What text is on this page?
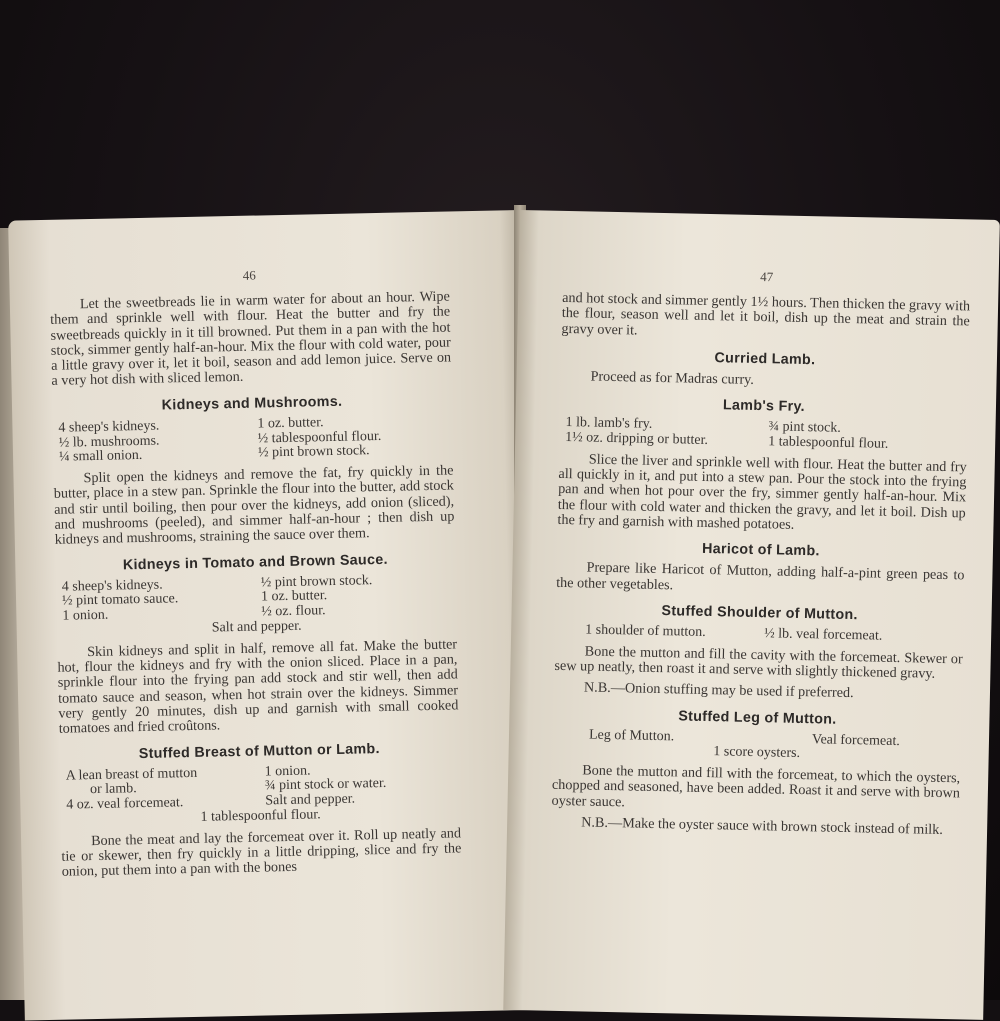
46

Let the sweetbreads lie in warm water for about an hour. Wipe them and sprinkle well with flour. Heat the butter and fry the sweetbreads quickly in it till browned. Put them in a pan with the hot stock, simmer gently half-an-hour. Mix the flour with cold water, pour a little gravy over it, let it boil, season and add lemon juice. Serve on a very hot dish with sliced lemon.

Kidneys and Mushrooms.
4 sheep's kidneys.	1 oz. butter.
½ lb. mushrooms.	½ tablespoonful flour.
¼ small onion.	½ pint brown stock.

Split open the kidneys and remove the fat, fry quickly in the butter, place in a stew pan. Sprinkle the flour into the butter, add stock and stir until boiling, then pour over the kidneys, add onion (sliced), and mushrooms (peeled), and simmer half-an-hour ; then dish up kidneys and mushrooms, straining the sauce over them.

Kidneys in Tomato and Brown Sauce.
4 sheep's kidneys.	½ pint brown stock.
½ pint tomato sauce.	1 oz. butter.
1 onion.	½ oz. flour.
Salt and pepper.

Skin kidneys and split in half, remove all fat. Make the butter hot, flour the kidneys and fry with the onion sliced. Place in a pan, sprinkle flour into the frying pan add stock and stir well, then add tomato sauce and season, when hot strain over the kidneys. Simmer very gently 20 minutes, dish up and garnish with small cooked tomatoes and fried croûtons.

Stuffed Breast of Mutton or Lamb.
A lean breast of mutton	1 onion.
or lamb.	¾ pint stock or water.
4 oz. veal forcemeat.	Salt and pepper.
1 tablespoonful flour.

Bone the meat and lay the forcemeat over it. Roll up neatly and tie or skewer, then fry quickly in a little dripping, slice and fry the onion, put them into a pan with the bones

47

and hot stock and simmer gently 1½ hours. Then thicken the gravy with the flour, season well and let it boil, dish up the meat and strain the gravy over it.

Curried Lamb.

Proceed as for Madras curry.

Lamb's Fry.
1 lb. lamb's fry.	¾ pint stock.
1½ oz. dripping or butter.	1 tablespoonful flour.

Slice the liver and sprinkle well with flour. Heat the butter and fry all quickly in it, and put into a stew pan. Pour the stock into the frying pan and when hot pour over the fry, simmer gently half-an-hour. Mix the flour with cold water and thicken the gravy, and let it boil. Dish up the fry and garnish with mashed potatoes.

Haricot of Lamb.

Prepare like Haricot of Mutton, adding half-a-pint green peas to the other vegetables.

Stuffed Shoulder of Mutton.
1 shoulder of mutton.	½ lb. veal forcemeat.

Bone the mutton and fill the cavity with the forcemeat. Skewer or sew up neatly, then roast it and serve with slightly thickened gravy.

N.B.—Onion stuffing may be used if preferred.

Stuffed Leg of Mutton.
Leg of Mutton.	Veal forcemeat.
1 score oysters.

Bone the mutton and fill with the forcemeat, to which the oysters, chopped and seasoned, have been added. Roast it and serve with brown oyster sauce.

N.B.—Make the oyster sauce with brown stock instead of milk.
